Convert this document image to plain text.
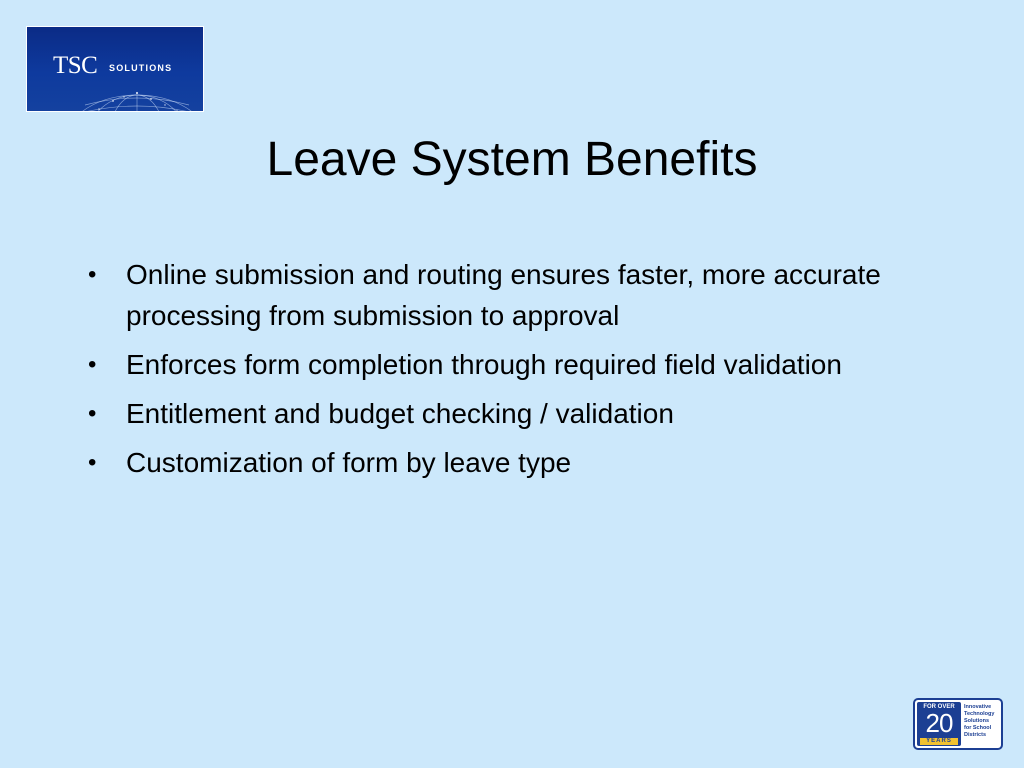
TSC SOLUTIONS
Leave System Benefits
• Online submission and routing ensures faster, more accurate processing from submission to approval
• Enforces form completion through required field validation
• Entitlement and budget checking / validation
• Customization of form by leave type
FOR OVER
20
YEARS
Innovative
Technology
Solutions
for School
Districts
